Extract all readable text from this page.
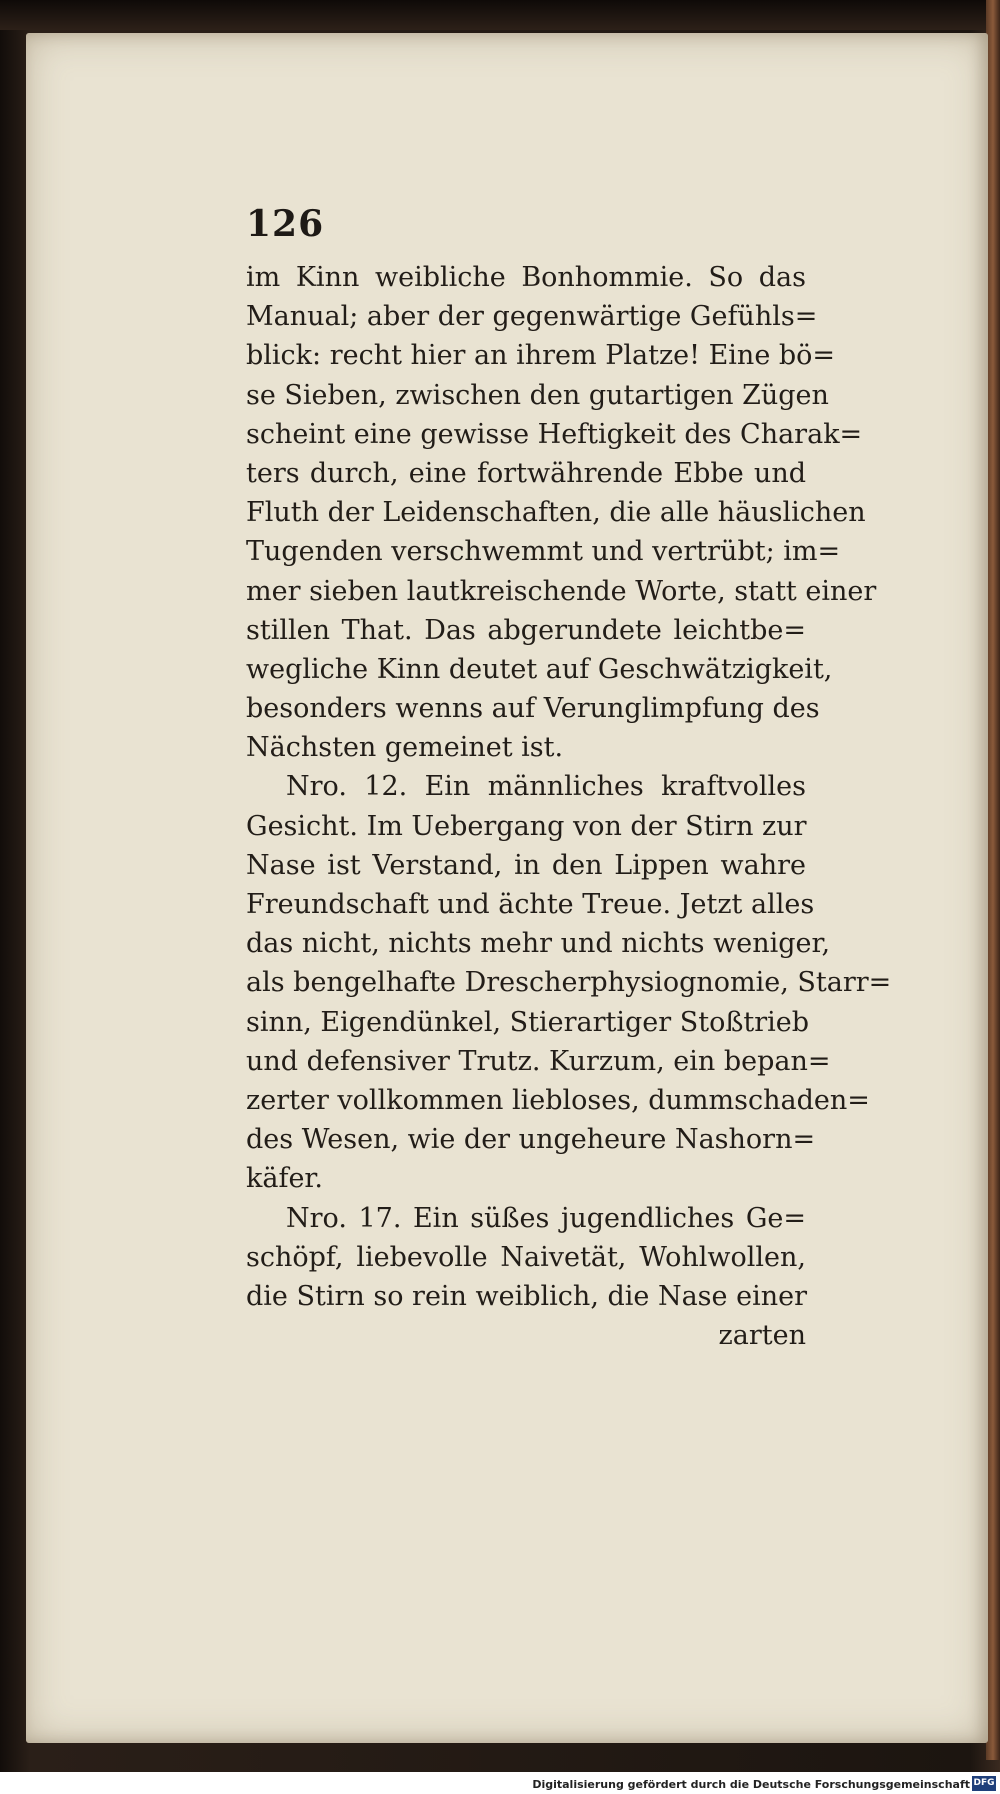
126
im Kinn weibliche Bonhommie. So das
Manual; aber der gegenwärtige Gefühls=
blick: recht hier an ihrem Platze! Eine bö=
se Sieben, zwischen den gutartigen Zügen
scheint eine gewisse Heftigkeit des Charak=
ters durch, eine fortwährende Ebbe und
Fluth der Leidenschaften, die alle häuslichen
Tugenden verschwemmt und vertrübt; im=
mer sieben lautkreischende Worte, statt einer
stillen That. Das abgerundete leichtbe=
wegliche Kinn deutet auf Geschwätzigkeit,
besonders wenns auf Verunglimpfung des
Nächsten gemeinet ist.
Nro. 12. Ein männliches kraftvolles
Gesicht. Im Uebergang von der Stirn zur
Nase ist Verstand, in den Lippen wahre
Freundschaft und ächte Treue. Jetzt alles
das nicht, nichts mehr und nichts weniger,
als bengelhafte Drescherphysiognomie, Starr=
sinn, Eigendünkel, Stierartiger Stoßtrieb
und defensiver Trutz. Kurzum, ein bepan=
zerter vollkommen liebloses, dummschaden=
des Wesen, wie der ungeheure Nashorn=
käfer.
Nro. 17. Ein süßes jugendliches Ge=
schöpf, liebevolle Naivetät, Wohlwollen,
die Stirn so rein weiblich, die Nase einer
zarten
Digitalisierung gefördert durch die Deutsche Forschungsgemeinschaft DFG
